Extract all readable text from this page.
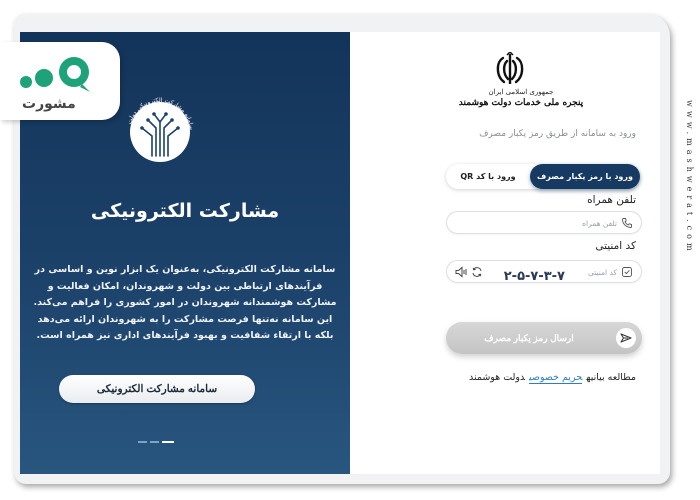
سامانه مشارکت الکترونیکی دولت
مشارکت الکترونیکی
سامانه مشارکت الکترونیکی، به‌عنوان یک ابزار نوین و اساسی در فرآیندهای ارتباطی بین دولت و شهروندان، امکان فعالیت و مشارکت هوشمندانه شهروندان در امور کشوری را فراهم می‌کند. این سامانه نه‌تنها فرصت مشارکت را به شهروندان ارائه می‌دهد بلکه با ارتقاء شفافیت و بهبود فرآیندهای اداری نیز همراه است.
سامانه مشارکت الکترونیکی
جمهوری اسلامی ایران
پنجره ملی خدمات دولت هوشمند
ورود به سامانه از طریق رمز یکبار مصرف
ورود با رمز یکبار مصرف
ورود با کد QR
تلفن همراه
تلفن همراه
کد امنیتی
کد امنیتی
۲-۵-۷-۳-۷
ارسال رمز یکبار مصرف
مطالعه بیانیهحریم خصوصیدولت هوشمند
www.mashwerat.com
مشورت
